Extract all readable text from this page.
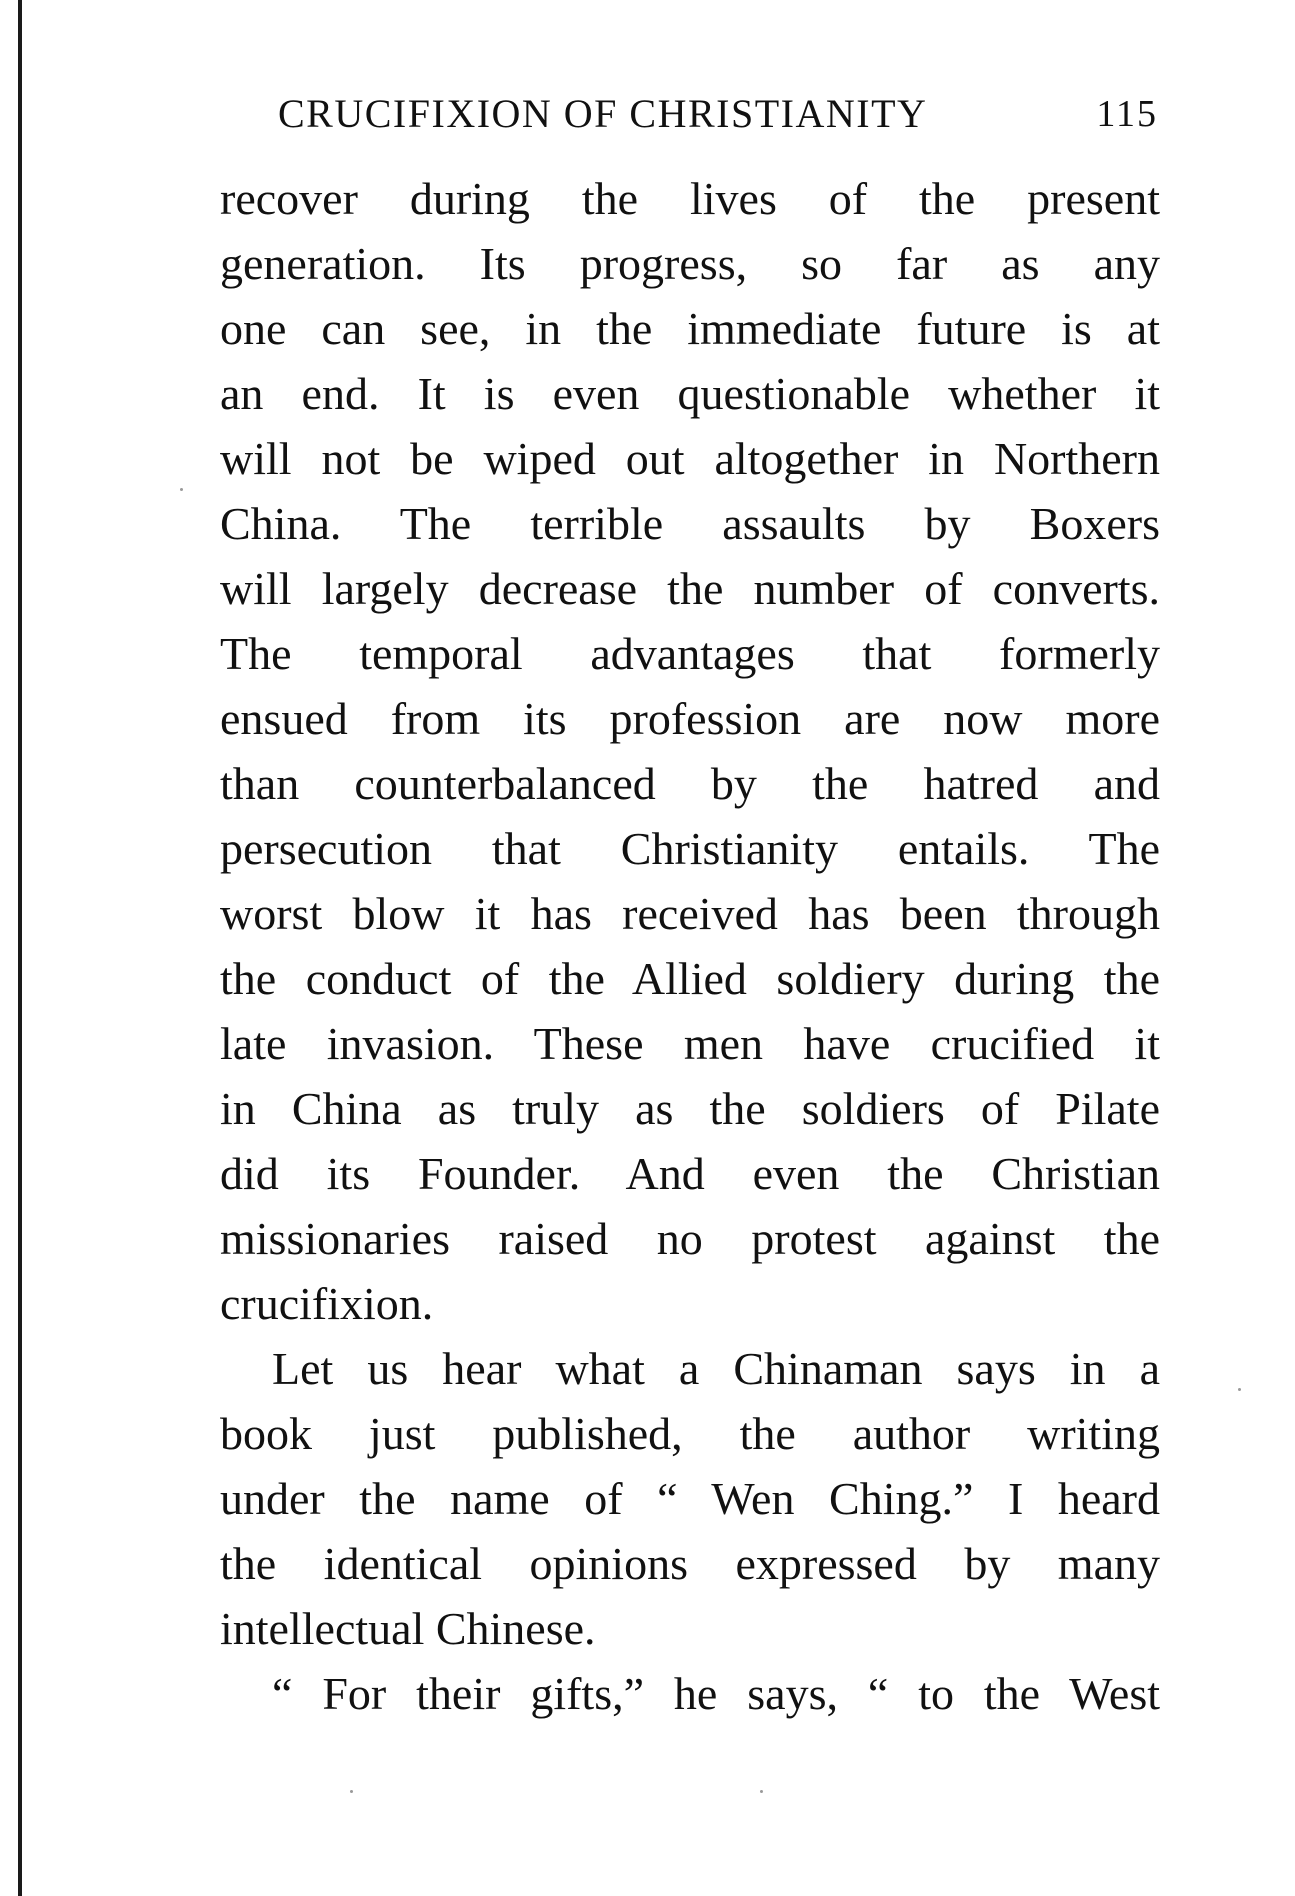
CRUCIFIXION OF CHRISTIANITY	115
recover during the lives of the present
generation. Its progress, so far as any
one can see, in the immediate future is at
an end. It is even questionable whether it
will not be wiped out altogether in Northern
China. The terrible assaults by Boxers
will largely decrease the number of converts.
The temporal advantages that formerly
ensued from its profession are now more
than counterbalanced by the hatred and
persecution that Christianity entails. The
worst blow it has received has been through
the conduct of the Allied soldiery during the
late invasion. These men have crucified it
in China as truly as the soldiers of Pilate
did its Founder. And even the Christian
missionaries raised no protest against the
crucifixion.
Let us hear what a Chinaman says in a
book just published, the author writing
under the name of “ Wen Ching.” I heard
the identical opinions expressed by many
intellectual Chinese.
“ For their gifts,” he says, “ to the West
